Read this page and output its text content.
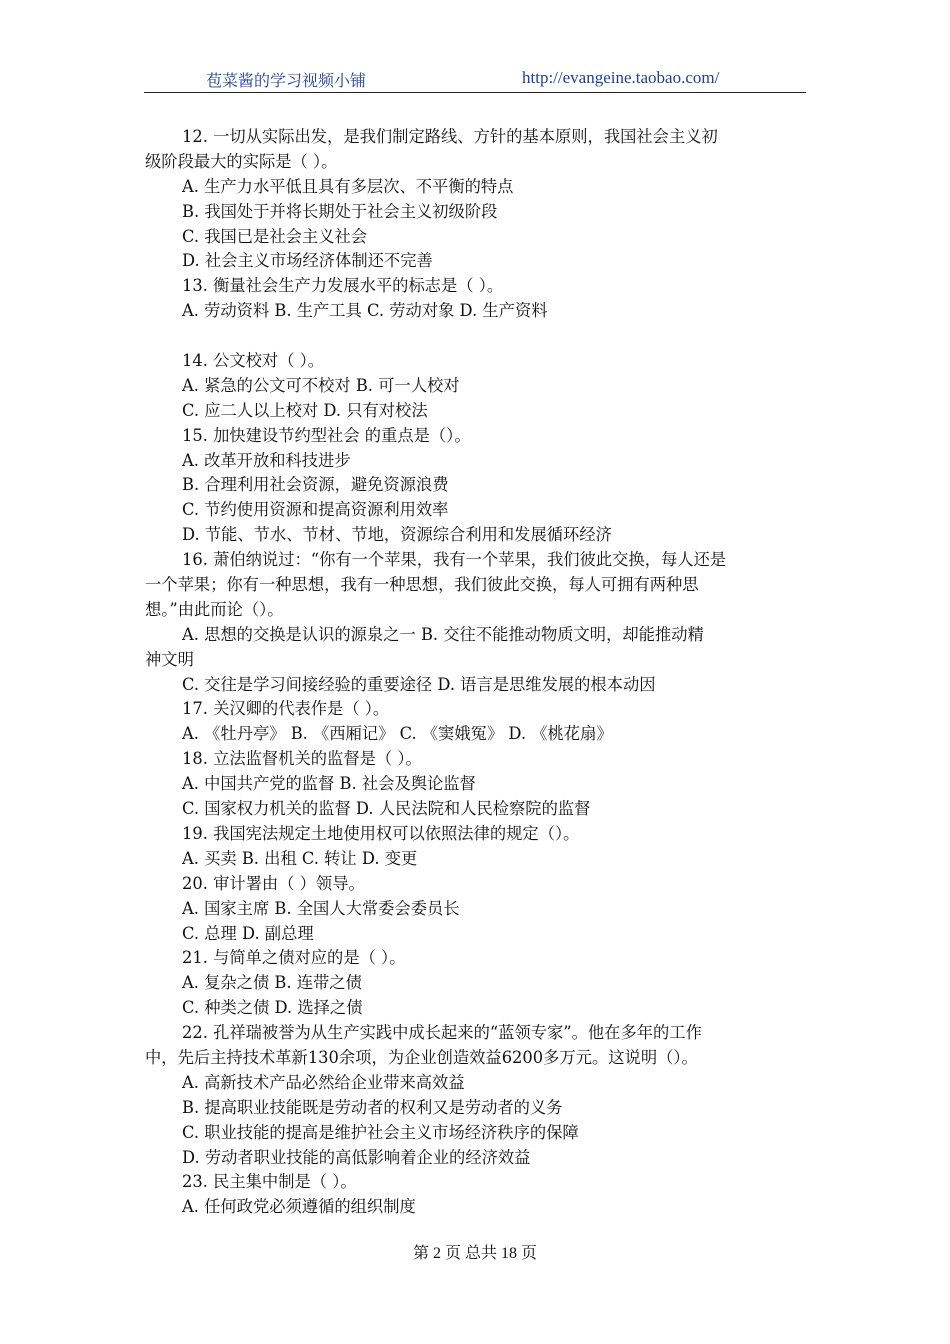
苞菜酱的学习视频小铺	http://evangeine.taobao.com/
12. 一切从实际出发，是我们制定路线、方针的基本原则，我国社会主义初
级阶段最大的实际是（ ）。
A. 生产力水平低且具有多层次、不平衡的特点
B. 我国处于并将长期处于社会主义初级阶段
C. 我国已是社会主义社会
D. 社会主义市场经济体制还不完善
13. 衡量社会生产力发展水平的标志是（ ）。
A. 劳动资料 B. 生产工具 C. 劳动对象 D. 生产资料
14. 公文校对（ ）。
A. 紧急的公文可不校对 B. 可一人校对
C. 应二人以上校对 D. 只有对校法
15. 加快建设节约型社会 的重点是（）。
A. 改革开放和科技进步
B. 合理利用社会资源，避免资源浪费
C. 节约使用资源和提高资源利用效率
D. 节能、节水、节材、节地，资源综合利用和发展循环经济
16. 萧伯纳说过：“你有一个苹果，我有一个苹果，我们彼此交换，每人还是
一个苹果；你有一种思想，我有一种思想，我们彼此交换，每人可拥有两种思
想。”由此而论（）。
A. 思想的交换是认识的源泉之一 B. 交往不能推动物质文明，却能推动精
神文明
C. 交往是学习间接经验的重要途径 D. 语言是思维发展的根本动因
17. 关汉卿的代表作是（ ）。
A. 《牡丹亭》 B. 《西厢记》 C. 《窦娥冤》 D. 《桃花扇》
18. 立法监督机关的监督是（ ）。
A. 中国共产党的监督 B. 社会及舆论监督
C. 国家权力机关的监督 D. 人民法院和人民检察院的监督
19. 我国宪法规定土地使用权可以依照法律的规定（）。
A. 买卖 B. 出租 C. 转让 D. 变更
20. 审计署由（ ）领导。
A. 国家主席 B. 全国人大常委会委员长
C. 总理 D. 副总理
21. 与简单之债对应的是（ ）。
A. 复杂之债 B. 连带之债
C. 种类之债 D. 选择之债
22. 孔祥瑞被誉为从生产实践中成长起来的“蓝领专家”。他在多年的工作
中，先后主持技术革新130余项，为企业创造效益6200多万元。这说明（）。
A. 高新技术产品必然给企业带来高效益
B. 提高职业技能既是劳动者的权利又是劳动者的义务
C. 职业技能的提高是维护社会主义市场经济秩序的保障
D. 劳动者职业技能的高低影响着企业的经济效益
23. 民主集中制是（ ）。
A. 任何政党必须遵循的组织制度
第 2 页 总共 18 页
